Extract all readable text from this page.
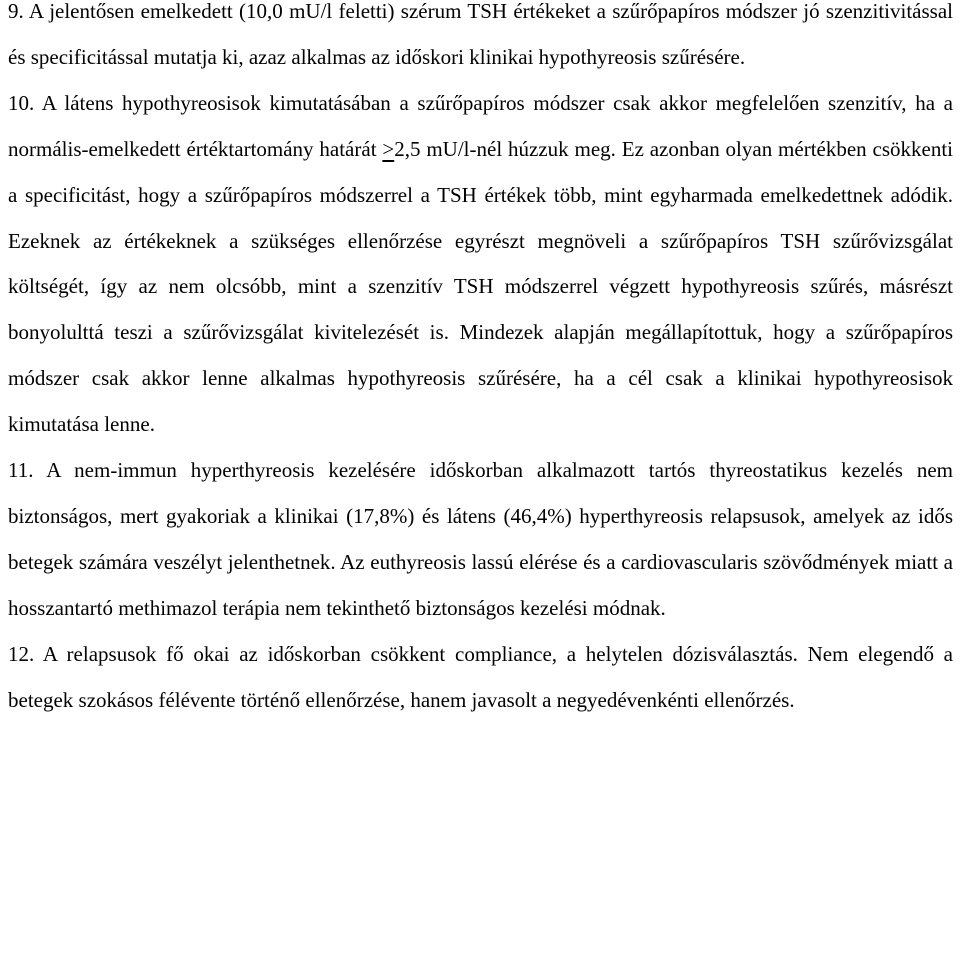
9. A jelentősen emelkedett (10,0 mU/l feletti) szérum TSH értékeket a szűrőpapíros módszer jó szenzitivitással és specificitással mutatja ki, azaz alkalmas az időskori klinikai hypothyreosis szűrésére.

10. A látens hypothyreosisok kimutatásában a szűrőpapíros módszer csak akkor megfelelően szenzitív, ha a normális-emelkedett értéktartomány határát ≥2,5 mU/l-nél húzzuk meg. Ez azonban olyan mértékben csökkenti a specificitást, hogy a szűrőpapíros módszerrel a TSH értékek több, mint egyharmada emelkedettnek adódik. Ezeknek az értékeknek a szükséges ellenőrzése egyrészt megnöveli a szűrőpapíros TSH szűrővizsgálat költségét, így az nem olcsóbb, mint a szenzitív TSH módszerrel végzett hypothyreosis szűrés, másrészt bonyolulttá teszi a szűrővizsgálat kivitelezését is. Mindezek alapján megállapítottuk, hogy a szűrőpapíros módszer csak akkor lenne alkalmas hypothyreosis szűrésére, ha a cél csak a klinikai hypothyreosisok kimutatása lenne.

11. A nem-immun hyperthyreosis kezelésére időskorban alkalmazott tartós thyreostatikus kezelés nem biztonságos, mert gyakoriak a klinikai (17,8%) és látens (46,4%) hyperthyreosis relapsusok, amelyek az idős betegek számára veszélyt jelenthetnek. Az euthyreosis lassú elérése és a cardiovascularis szövődmények miatt a hosszantartó methimazol terápia nem tekinthető biztonságos kezelési módnak.

12. A relapsusok fő okai az időskorban csökkent compliance, a helytelen dózisválasztás. Nem elegendő a betegek szokásos félévente történő ellenőrzése, hanem javasolt a negyedévenkénti ellenőrzés.
